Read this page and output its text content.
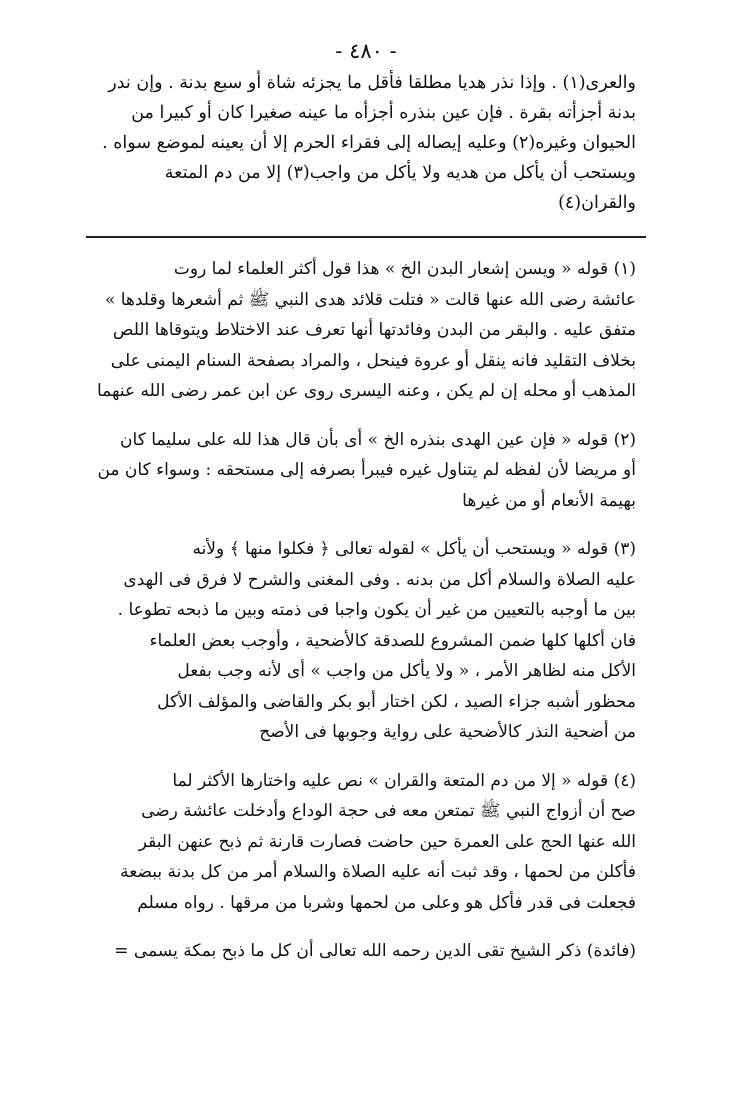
- ٤٨٠ -

والعرى(١) . وإذا نذر هديا مطلقا فأقل ما يجزئه شاة أو سبع بدنة . وإن ندر

بدنة أجزأته بقرة . فإن عين بنذره أجزأه ما عينه صغيرا كان أو كبيرا من

الحيوان وغيره(٢) وعليه إيصاله إلى فقراء الحرم إلا أن يعينه لموضع سواه .

ويستحب أن يأكل من هديه ولا يأكل من واجب(٣) إلا من دم المتعة

والقران(٤)

(١) قوله « ويسن إشعار البدن الخ » هذا قول أكثر العلماء لما روت

عائشة رضى الله عنها قالت « فتلت قلائد هدى النبي ﷺ ثم أشعرها وقلدها »

متفق عليه . والبقر من البدن وفائدتها أنها تعرف عند الاختلاط ويتوقاها اللص

بخلاف التقليد فانه ينقل أو عروة فينحل ، والمراد بصفحة السنام اليمنى على

المذهب أو محله إن لم يكن ، وعنه اليسرى روى عن ابن عمر رضى الله عنهما

(٢) قوله « فإن عين الهدى بنذره الخ » أى بأن قال هذا لله على سليما كان

أو مريضا لأن لفظه لم يتناول غيره فيبرأ بصرفه إلى مستحقه : وسواء كان من

بهيمة الأنعام أو من غيرها

(٣) قوله « ويستحب أن يأكل » لقوله تعالى ﴿ فكلوا منها ﴾ ولأنه

عليه الصلاة والسلام أكل من بدنه . وفى المغنى والشرح لا فرق فى الهدى

بين ما أوجبه بالتعيين من غير أن يكون واجبا فى ذمته وبين ما ذبحه تطوعا .

فان أكلها كلها ضمن المشروع للصدقة كالأضحية ، وأوجب بعض العلماء

الأكل منه لظاهر الأمر ، « ولا يأكل من واجب » أى لأنه وجب بفعل

محظور أشبه جزاء الصيد ، لكن اختار أبو بكر والقاضى والمؤلف الأكل

من أضحية النذر كالأضحية على رواية وجوبها فى الأصح

(٤) قوله « إلا من دم المتعة والقران » نص عليه واختارها الأكثر لما

صح أن أزواج النبي ﷺ تمتعن معه فى حجة الوداع وأدخلت عائشة رضى

الله عنها الحج على العمرة حين حاضت فصارت قارنة ثم ذبح عنهن البقر

فأكلن من لحمها ، وقد ثبت أنه عليه الصلاة والسلام أمر من كل بدنة ببضعة

فجعلت فى قدر فأكل هو وعلى من لحمها وشربا من مرقها . رواه مسلم

(فائدة) ذكر الشيخ تقى الدين رحمه الله تعالى أن كل ما ذبح بمكة يسمى =
